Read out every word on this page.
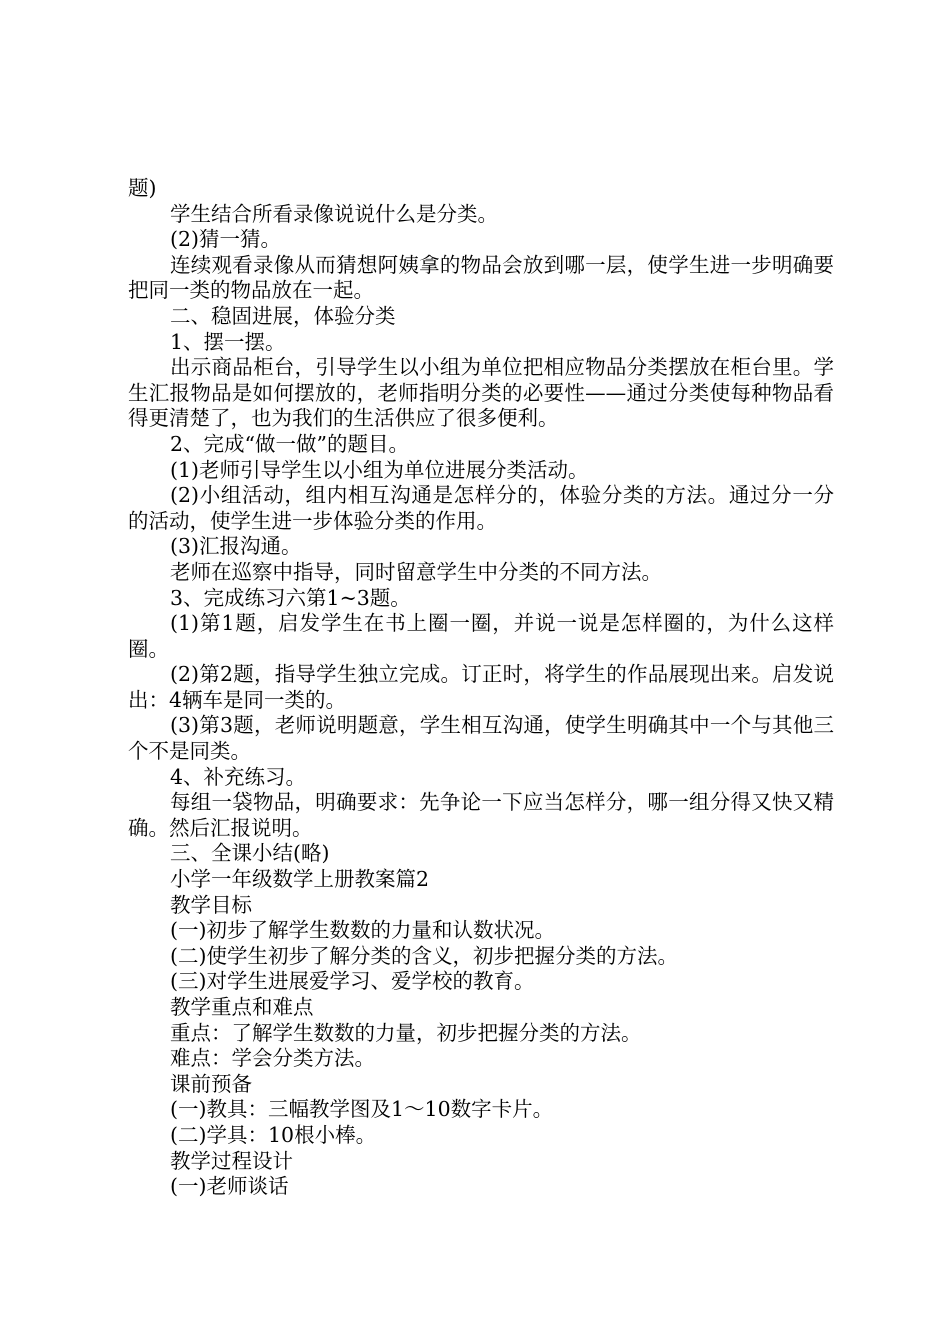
题)

学生结合所看录像说说什么是分类。

(2)猜一猜。

连续观看录像从而猜想阿姨拿的物品会放到哪一层，使学生进一步明确要把同一类的物品放在一起。

二、稳固进展，体验分类

1、摆一摆。

出示商品柜台，引导学生以小组为单位把相应物品分类摆放在柜台里。学生汇报物品是如何摆放的，老师指明分类的必要性——通过分类使每种物品看得更清楚了，也为我们的生活供应了很多便利。

2、完成“做一做”的题目。

(1)老师引导学生以小组为单位进展分类活动。

(2)小组活动，组内相互沟通是怎样分的，体验分类的方法。通过分一分的活动，使学生进一步体验分类的作用。

(3)汇报沟通。

老师在巡察中指导，同时留意学生中分类的不同方法。

3、完成练习六第1~3题。

(1)第1题，启发学生在书上圈一圈，并说一说是怎样圈的，为什么这样圈。

(2)第2题，指导学生独立完成。订正时，将学生的作品展现出来。启发说出：4辆车是同一类的。

(3)第3题，老师说明题意，学生相互沟通，使学生明确其中一个与其他三个不是同类。

4、补充练习。

每组一袋物品，明确要求：先争论一下应当怎样分，哪一组分得又快又精确。然后汇报说明。

三、全课小结(略)

小学一年级数学上册教案篇2

教学目标

(一)初步了解学生数数的力量和认数状况。

(二)使学生初步了解分类的含义，初步把握分类的方法。

(三)对学生进展爱学习、爱学校的教育。

教学重点和难点

重点：了解学生数数的力量，初步把握分类的方法。

难点：学会分类方法。

课前预备

(一)教具：三幅教学图及1～10数字卡片。

(二)学具：10根小棒。

教学过程设计

(一)老师谈话
